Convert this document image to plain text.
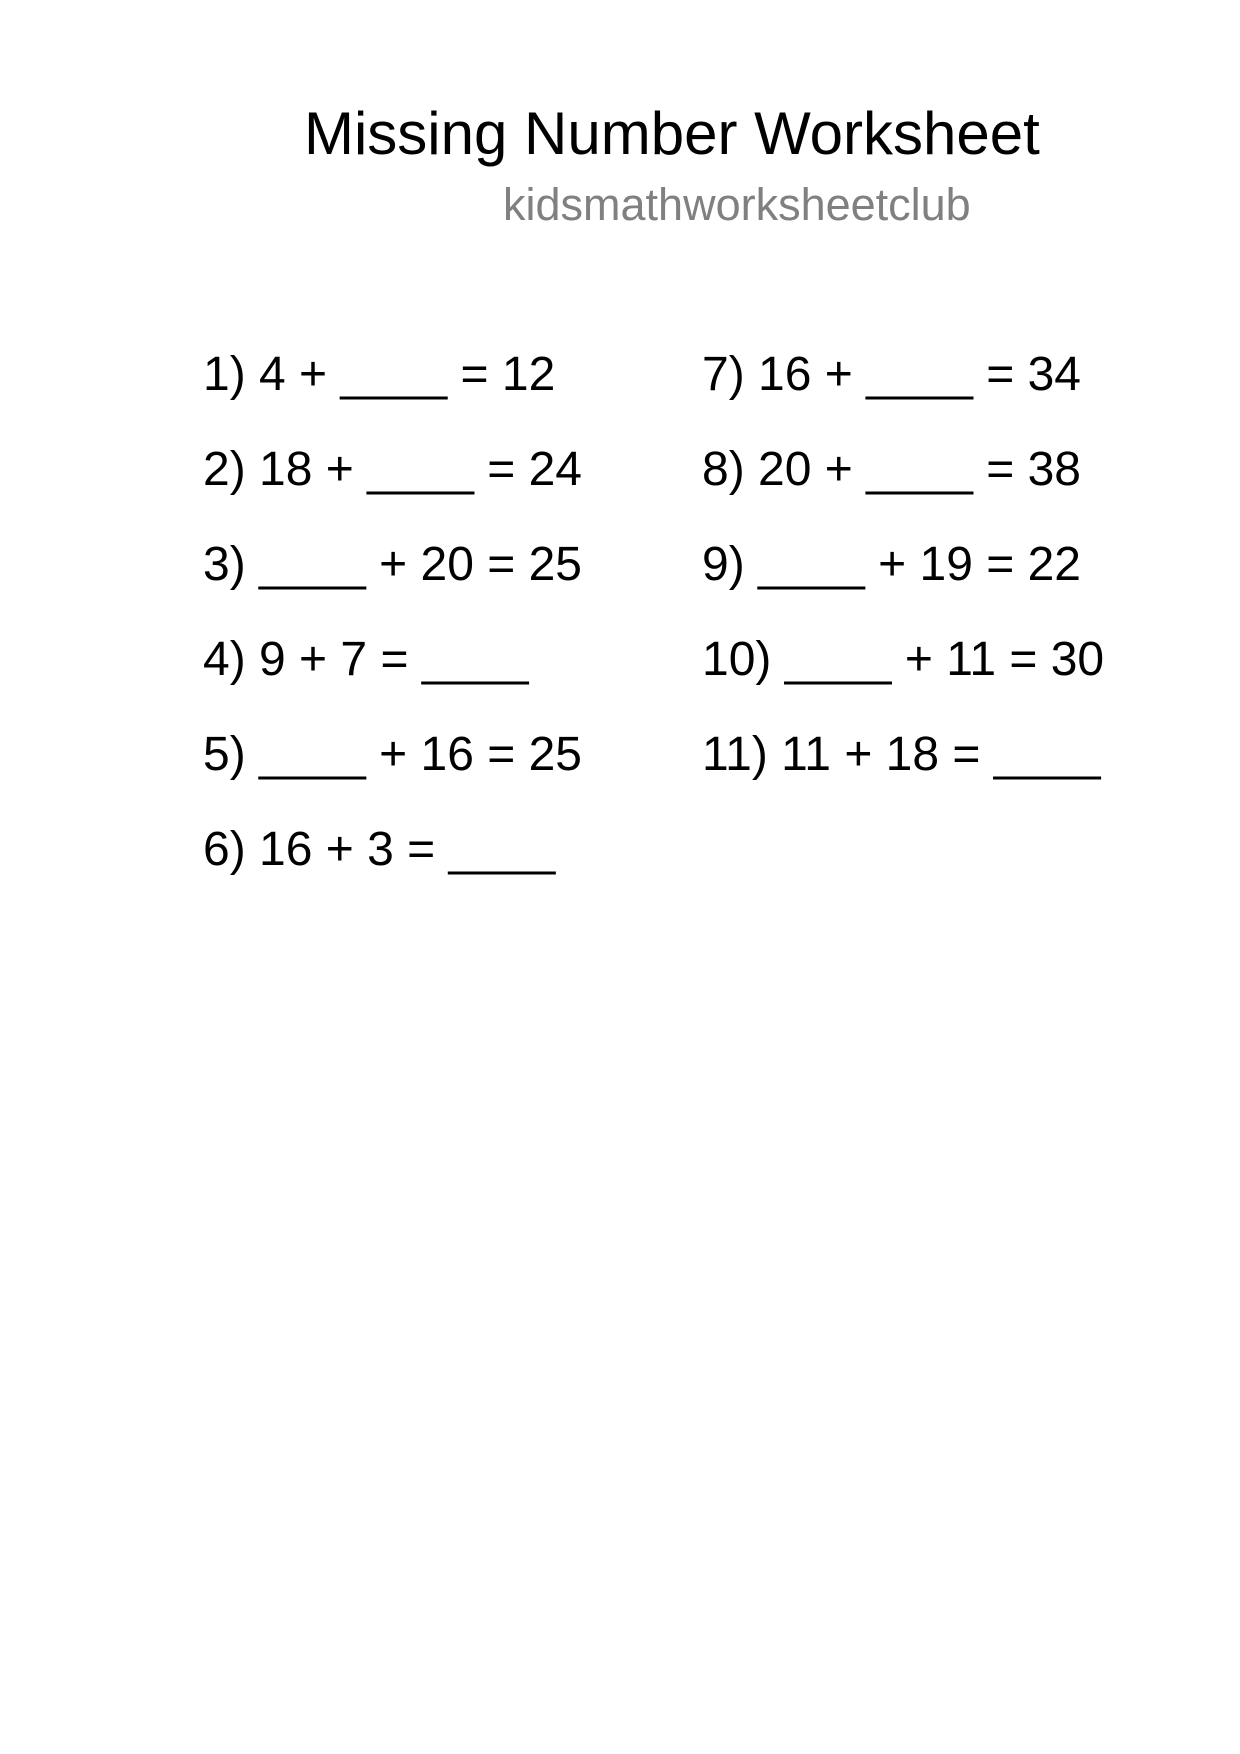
Missing Number Worksheet
kidsmathworksheetclub
1) 4 + ____ = 12
2) 18 + ____ = 24
3) ____ + 20 = 25
4) 9 + 7 = ____
5) ____ + 16 = 25
6) 16 + 3 = ____
7) 16 + ____ = 34
8) 20 + ____ = 38
9) ____ + 19 = 22
10) ____ + 11 = 30
11) 11 + 18 = ____
